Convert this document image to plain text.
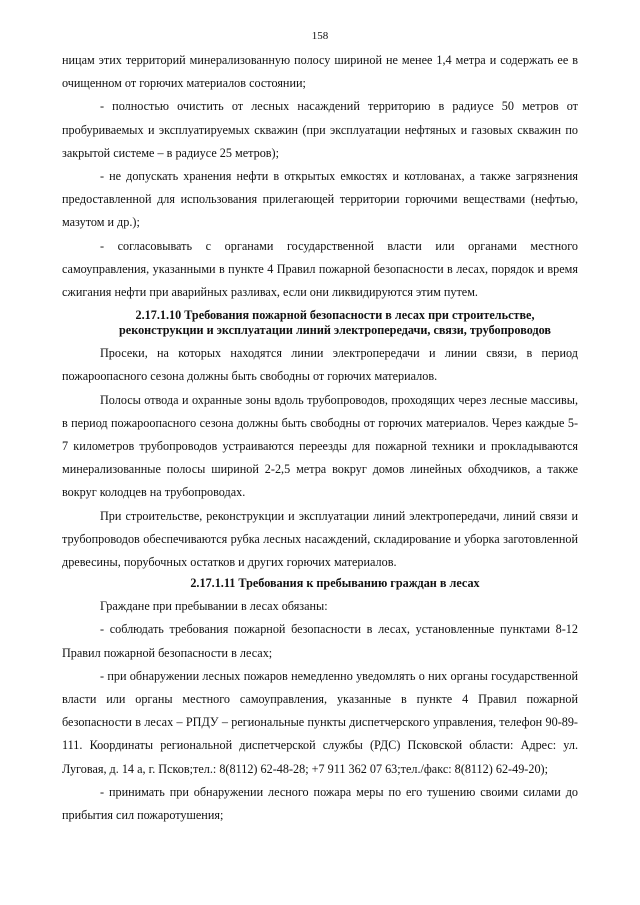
158

ницам этих территорий минерализованную полосу шириной не менее 1,4 метра и содержать ее в очищенном от горючих материалов состоянии;

- полностью очистить от лесных насаждений территорию в радиусе 50 метров от пробуриваемых и эксплуатируемых скважин (при эксплуатации нефтяных и газовых скважин по закрытой системе – в радиусе 25 метров);

- не допускать хранения нефти в открытых емкостях и котлованах, а также загрязнения предоставленной для использования прилегающей территории горючими веществами (нефтью, мазутом и др.);

- согласовывать с органами государственной власти или органами местного самоуправления, указанными в пункте 4 Правил пожарной безопасности в лесах, порядок и время сжигания нефти при аварийных разливах, если они ликвидируются этим путем.

2.17.1.10 Требования пожарной безопасности в лесах при строительстве,
реконструкции и эксплуатации линий электропередачи, связи, трубопроводов

Просеки, на которых находятся линии электропередачи и линии связи, в период пожароопасного сезона должны быть свободны от горючих материалов.

Полосы отвода и охранные зоны вдоль трубопроводов, проходящих через лесные массивы, в период пожароопасного сезона должны быть свободны от горючих материалов. Через каждые 5-7 километров трубопроводов устраиваются переезды для пожарной техники и прокладываются минерализованные полосы шириной 2-2,5 метра вокруг домов линейных обходчиков, а также вокруг колодцев на трубопроводах.

При строительстве, реконструкции и эксплуатации линий электропередачи, линий связи и трубопроводов обеспечиваются рубка лесных насаждений, складирование и уборка заготовленной древесины, порубочных остатков и других горючих материалов.

2.17.1.11 Требования к пребыванию граждан в лесах

Граждане при пребывании в лесах обязаны:

- соблюдать требования пожарной безопасности в лесах, установленные пунктами 8-12 Правил пожарной безопасности в лесах;

- при обнаружении лесных пожаров немедленно уведомлять о них органы государственной власти или органы местного самоуправления, указанные в пункте 4 Правил пожарной безопасности в лесах – РПДУ – региональные пункты диспетчерского управления, телефон 90-89-111. Координаты региональной диспетчерской службы (РДС) Псковской области: Адрес: ул. Луговая, д. 14 а, г. Псков;тел.: 8(8112) 62-48-28; +7 911 362 07 63;тел./факс: 8(8112) 62-49-20);

- принимать при обнаружении лесного пожара меры по его тушению своими силами до прибытия сил пожаротушения;
